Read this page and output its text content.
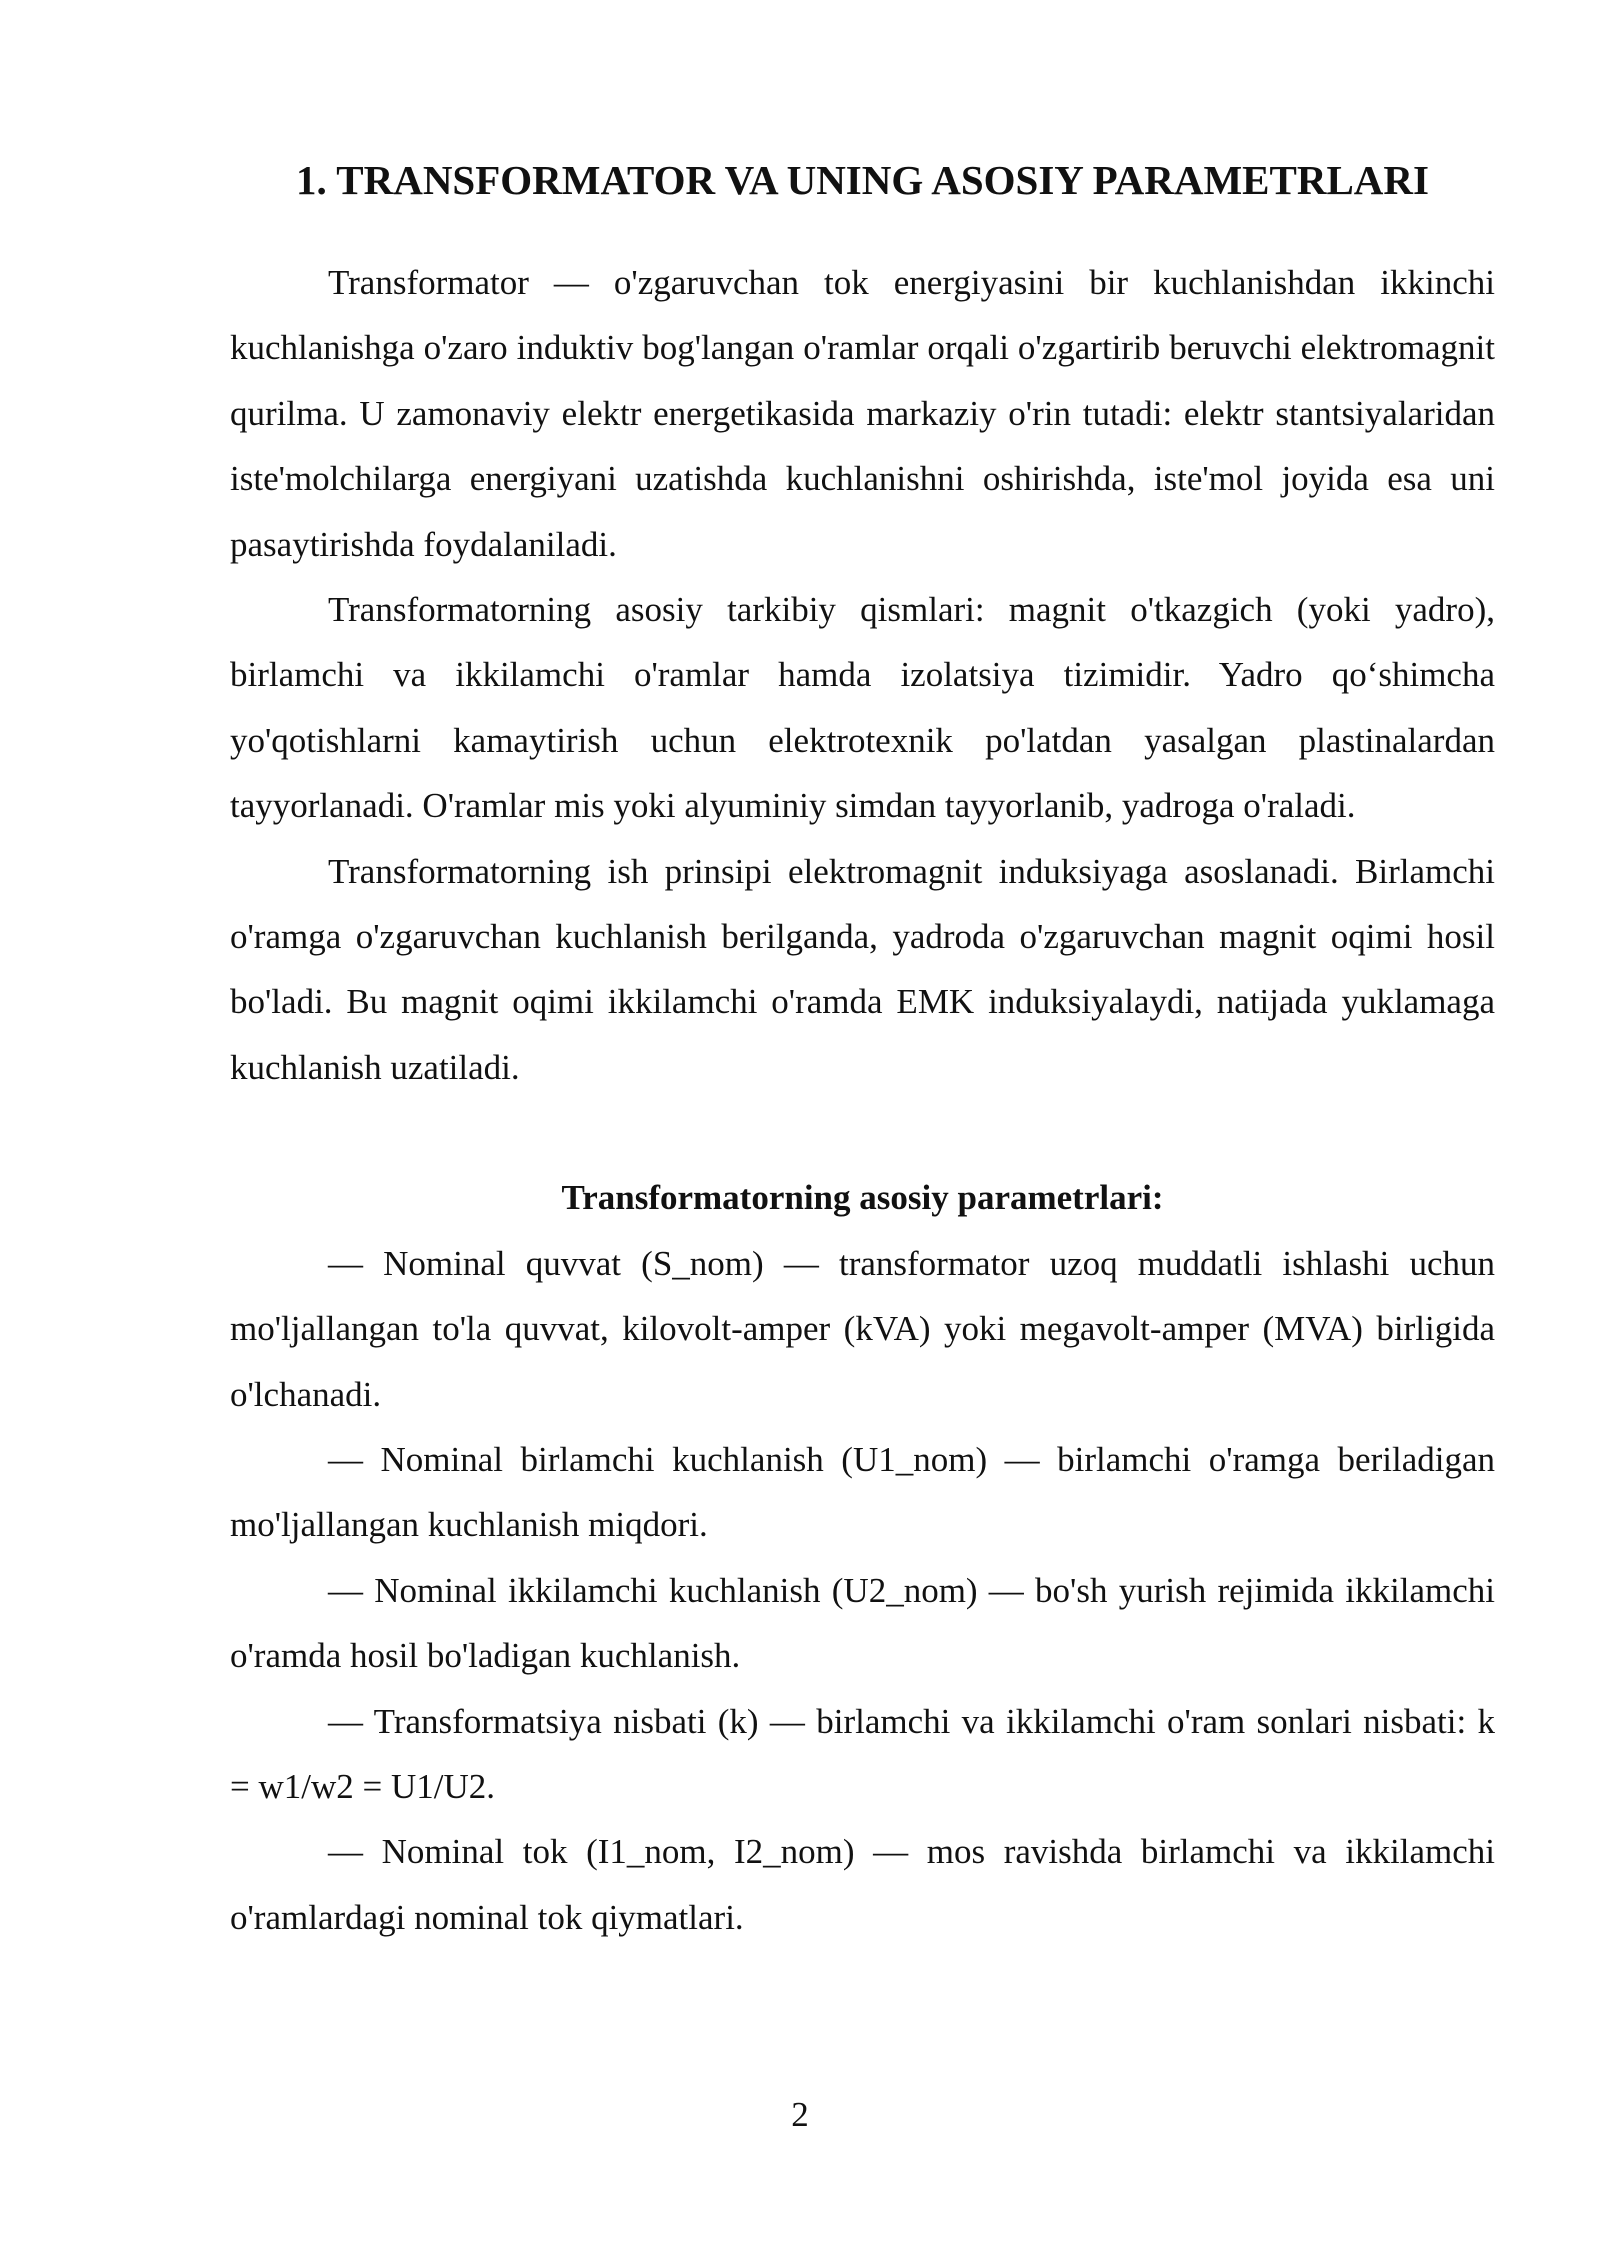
1. TRANSFORMATOR VA UNING ASOSIY PARAMETRLARI

Transformator — o'zgaruvchan tok energiyasini bir kuchlanishdan ikkinchi kuchlanishga o'zaro induktiv bog'langan o'ramlar orqali o'zgartirib beruvchi elektromagnit qurilma. U zamonaviy elektr energetikasida markaziy o'rin tutadi: elektr stantsiyalaridan iste'molchilarga energiyani uzatishda kuchlanishni oshirishda, iste'mol joyida esa uni pasaytirishda foydalaniladi.

Transformatorning asosiy tarkibiy qismlari: magnit o'tkazgich (yoki yadro), birlamchi va ikkilamchi o'ramlar hamda izolatsiya tizimidir. Yadro qo‘shimcha yo'qotishlarni kamaytirish uchun elektrotexnik po'latdan yasalgan plastinalardan tayyorlanadi. O'ramlar mis yoki alyuminiy simdan tayyorlanib, yadroga o'raladi.

Transformatorning ish prinsipi elektromagnit induksiyaga asoslanadi. Birlamchi o'ramga o'zgaruvchan kuchlanish berilganda, yadroda o'zgaruvchan magnit oqimi hosil bo'ladi. Bu magnit oqimi ikkilamchi o'ramda EMK induksiyalaydi, natijada yuklamaga kuchlanish uzatiladi.

Transformatorning asosiy parametrlari:

— Nominal quvvat (S_nom) — transformator uzoq muddatli ishlashi uchun mo'ljallangan to'la quvvat, kilovolt-amper (kVA) yoki megavolt-amper (MVA) birligida o'lchanadi.

— Nominal birlamchi kuchlanish (U1_nom) — birlamchi o'ramga beriladigan mo'ljallangan kuchlanish miqdori.

— Nominal ikkilamchi kuchlanish (U2_nom) — bo'sh yurish rejimida ikkilamchi o'ramda hosil bo'ladigan kuchlanish.

— Transformatsiya nisbati (k) — birlamchi va ikkilamchi o'ram sonlari nisbati: k = w1/w2 = U1/U2.

— Nominal tok (I1_nom, I2_nom) — mos ravishda birlamchi va ikkilamchi o'ramlardagi nominal tok qiymatlari.

2
